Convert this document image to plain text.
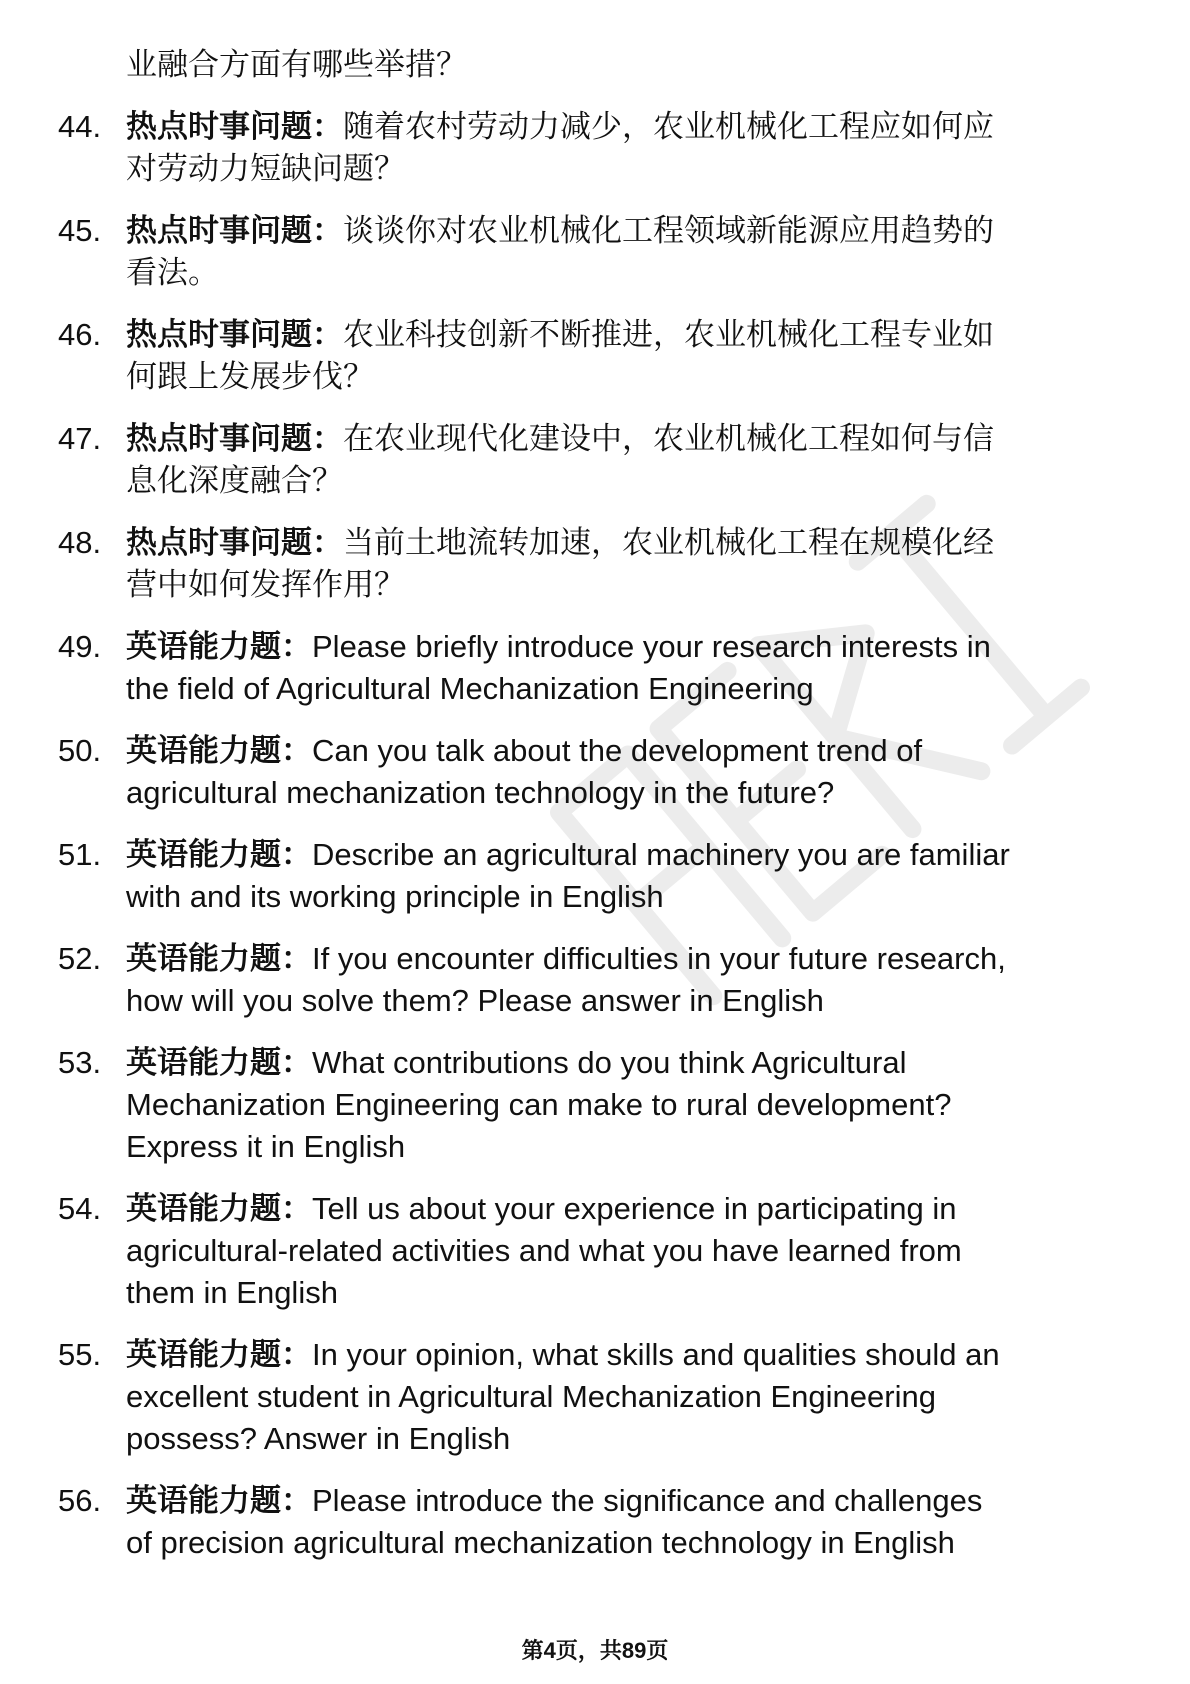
业融合方面有哪些举措？
44. 热点时事问题：随着农村劳动力减少，农业机械化工程应如何应
对劳动力短缺问题？
45. 热点时事问题：谈谈你对农业机械化工程领域新能源应用趋势的
看法。
46. 热点时事问题：农业科技创新不断推进，农业机械化工程专业如
何跟上发展步伐？
47. 热点时事问题：在农业现代化建设中，农业机械化工程如何与信
息化深度融合？
48. 热点时事问题：当前土地流转加速，农业机械化工程在规模化经
营中如何发挥作用？
49. 英语能力题：Please briefly introduce your research interests in
the field of Agricultural Mechanization Engineering
50. 英语能力题：Can you talk about the development trend of
agricultural mechanization technology in the future?
51. 英语能力题：Describe an agricultural machinery you are familiar
with and its working principle in English
52. 英语能力题：If you encounter difficulties in your future research,
how will you solve them? Please answer in English
53. 英语能力题：What contributions do you think Agricultural
Mechanization Engineering can make to rural development?
Express it in English
54. 英语能力题：Tell us about your experience in participating in
agricultural-related activities and what you have learned from
them in English
55. 英语能力题：In your opinion, what skills and qualities should an
excellent student in Agricultural Mechanization Engineering
possess? Answer in English
56. 英语能力题：Please introduce the significance and challenges
of precision agricultural mechanization technology in English
第4页，共89页
